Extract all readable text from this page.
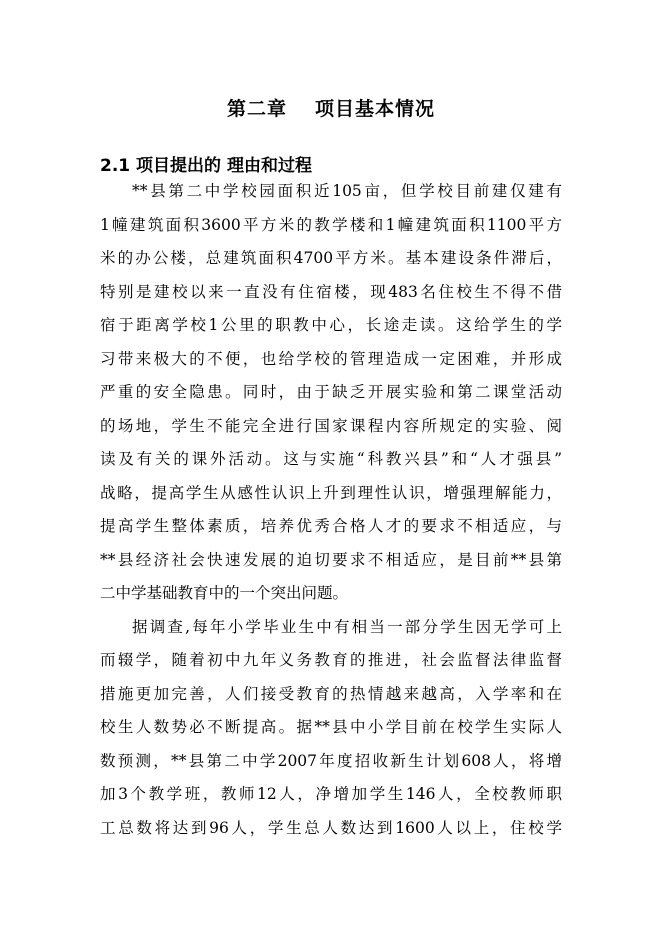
第二章 项目基本情况
2.1 项目提出的 理由和过程
**县第二中学校园面积近105亩，但学校目前建仅建有
1幢建筑面积3600平方米的教学楼和1幢建筑面积1100平方
米的办公楼，总建筑面积4700平方米。基本建设条件滞后，
特别是建校以来一直没有住宿楼，现483名住校生不得不借
宿于距离学校1公里的职教中心，长途走读。这给学生的学
习带来极大的不便，也给学校的管理造成一定困难，并形成
严重的安全隐患。同时，由于缺乏开展实验和第二课堂活动
的场地，学生不能完全进行国家课程内容所规定的实验、阅
读及有关的课外活动。这与实施“科教兴县”和“人才强县”
战略，提高学生从感性认识上升到理性认识，增强理解能力，
提高学生整体素质，培养优秀合格人才的要求不相适应，与
**县经济社会快速发展的迫切要求不相适应，是目前**县第
二中学基础教育中的一个突出问题。
据调查,每年小学毕业生中有相当一部分学生因无学可上
而辍学，随着初中九年义务教育的推进，社会监督法律监督
措施更加完善，人们接受教育的热情越来越高，入学率和在
校生人数势必不断提高。据**县中小学目前在校学生实际人
数预测，**县第二中学2007年度招收新生计划608人，将增
加3个教学班，教师12人，净增加学生146人，全校教师职
工总数将达到96人，学生总人数达到1600人以上，住校学
